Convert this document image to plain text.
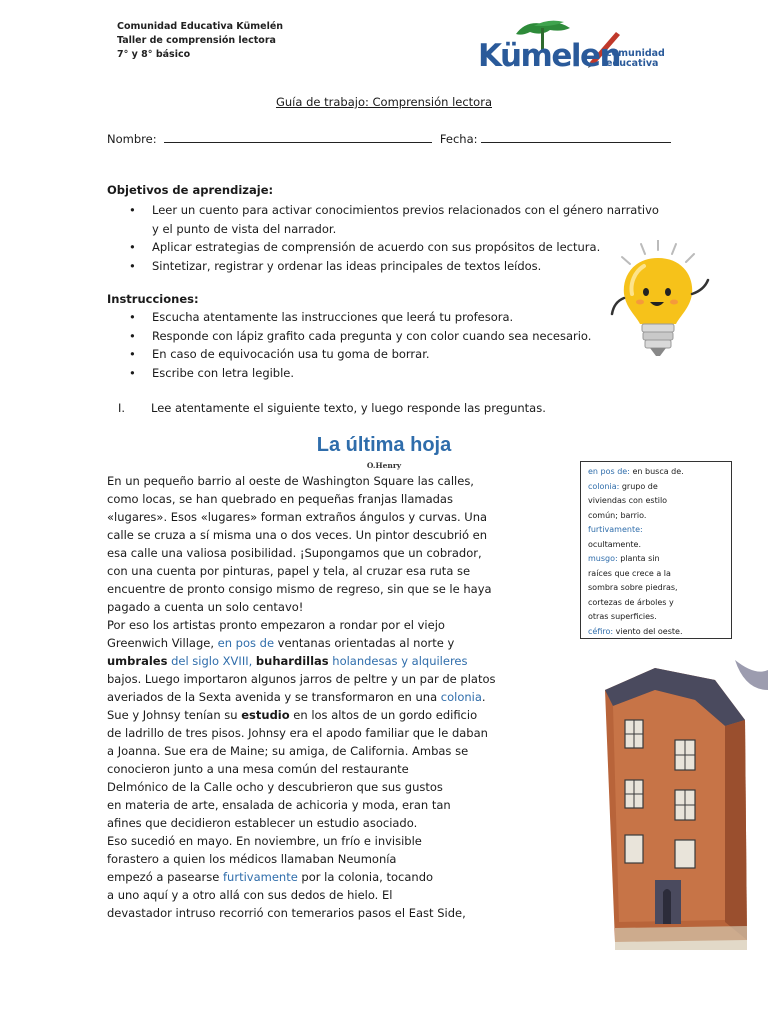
Comunidad Educativa Kümelén
Taller de comprensión lectora
7° y 8° básico	Kümelen
comunidad
educativa
Guía de trabajo: Comprensión lectora
Nombre:	Fecha:
Objetivos de aprendizaje:
• Leer un cuento para activar conocimientos previos relacionados con el género narrativo
y el punto de vista del narrador.
• Aplicar estrategias de comprensión de acuerdo con sus propósitos de lectura.
• Sintetizar, registrar y ordenar las ideas principales de textos leídos.
Instrucciones:
• Escucha atentamente las instrucciones que leerá tu profesora.
• Responde con lápiz grafito cada pregunta y con color cuando sea necesario.
• En caso de equivocación usa tu goma de borrar.
• Escribe con letra legible.
I. Lee atentamente el siguiente texto, y luego responde las preguntas.
La última hoja
O.Henry
En un pequeño barrio al oeste de Washington Square las calles,
como locas, se han quebrado en pequeñas franjas llamadas
«lugares». Esos «lugares» forman extraños ángulos y curvas. Una
calle se cruza a sí misma una o dos veces. Un pintor descubrió en
esa calle una valiosa posibilidad. ¡Supongamos que un cobrador,
con una cuenta por pinturas, papel y tela, al cruzar esa ruta se
encuentre de pronto consigo mismo de regreso, sin que se le haya
pagado a cuenta un solo centavo!
Por eso los artistas pronto empezaron a rondar por el viejo
Greenwich Village, en pos de ventanas orientadas al norte y
umbrales del siglo XVIII, buhardillas holandesas y alquileres
bajos. Luego importaron algunos jarros de peltre y un par de platos
averiados de la Sexta avenida y se transformaron en una colonia.
Sue y Johnsy tenían su estudio en los altos de un gordo edificio
de ladrillo de tres pisos. Johnsy era el apodo familiar que le daban
a Joanna. Sue era de Maine; su amiga, de California. Ambas se
conocieron junto a una mesa común del restaurante
Delmónico de la Calle ocho y descubrieron que sus gustos
en materia de arte, ensalada de achicoria y moda, eran tan
afines que decidieron establecer un estudio asociado.
Eso sucedió en mayo. En noviembre, un frío e invisible
forastero a quien los médicos llamaban Neumonía
empezó a pasearse furtivamente por la colonia, tocando
a uno aquí y a otro allá con sus dedos de hielo. El
devastador intruso recorrió con temerarios pasos el East Side,
en pos de: en busca de.
colonia: grupo de
viviendas con estilo
común; barrio.
furtivamente:
ocultamente.
musgo: planta sin
raíces que crece a la
sombra sobre piedras,
cortezas de árboles y
otras superficies.
céfiro: viento del oeste.
